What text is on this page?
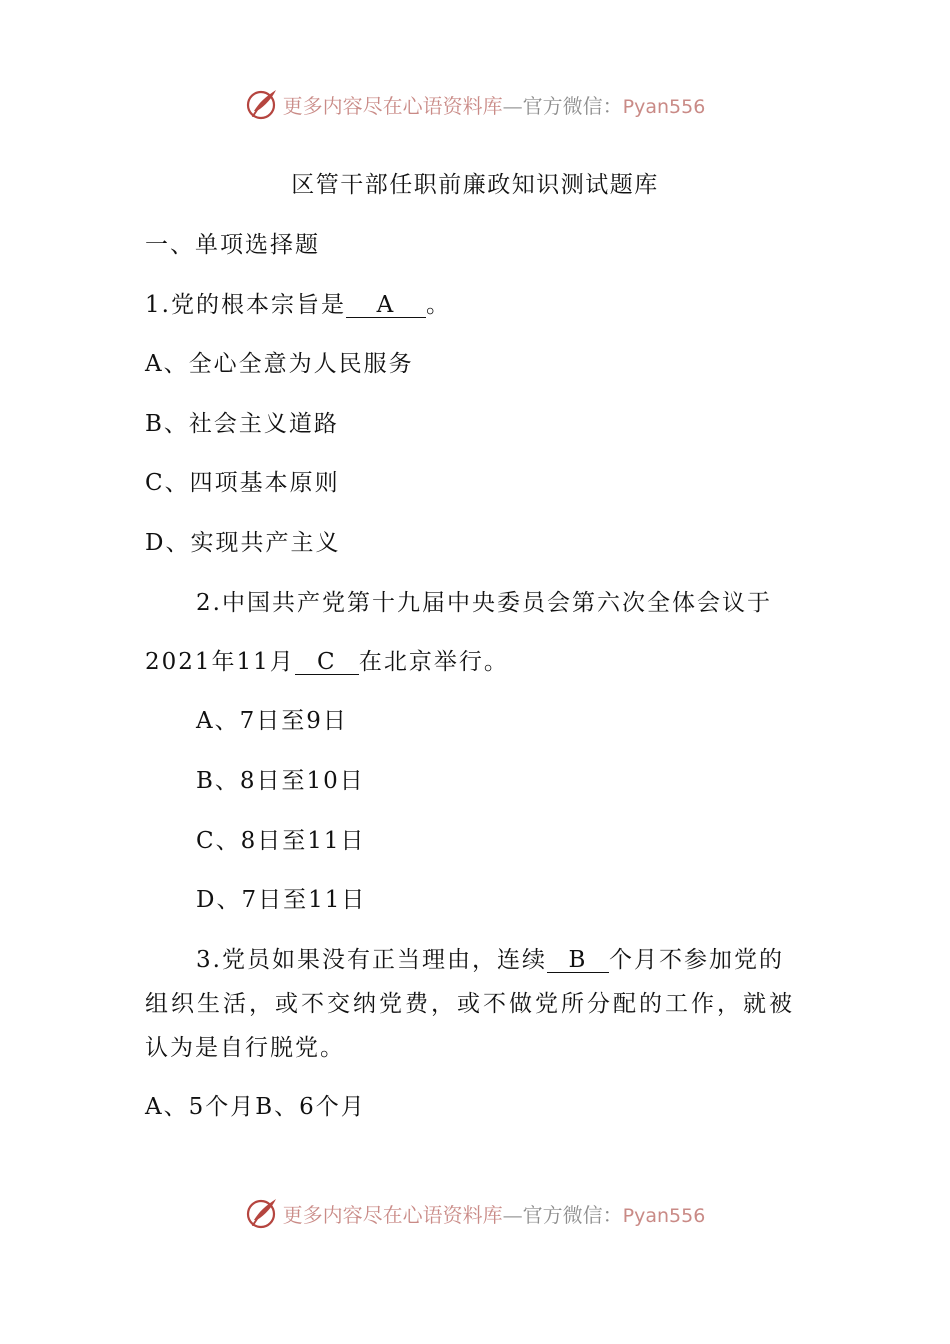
更多内容尽在心语资料库—官方微信：Pyan556
区管干部任职前廉政知识测试题库
一、单项选择题
1.党的根本宗旨是 A 。
A、全心全意为人民服务
B、社会主义道路
C、四项基本原则
D、实现共产主义
2.中国共产党第十九届中央委员会第六次全体会议于
2021年11月 C 在北京举行。
A、7日至9日
B、8日至10日
C、8日至11日
D、7日至11日
3.党员如果没有正当理由，连续 B 个月不参加党的
组织生活，或不交纳党费，或不做党所分配的工作，就被
认为是自行脱党。
A、5个月B、6个月
更多内容尽在心语资料库—官方微信：Pyan556
